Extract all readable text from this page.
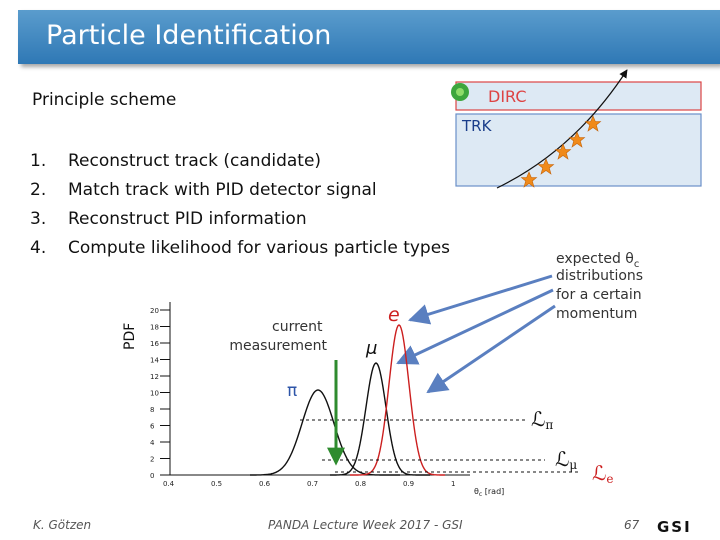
Particle Identification
Principle scheme
1. Reconstruct track (candidate)
2. Match track with PID detector signal
3. Reconstruct PID information
4. Compute likelihood for various particle types
DIRC
TRK
expected $\theta_c$
distributions
for a certain
momentum
PDF
0
2
4
6
8
10
12
14
16
18
20
0.4	0.5	0.6	0.7	0.8	0.9	1
$\theta_c$ [rad]
current measurement
π
μ
e
ℒπ
ℒμ ℒe
GSI
K. Götzen	PANDA Lecture Week 2017 - GSI	67
